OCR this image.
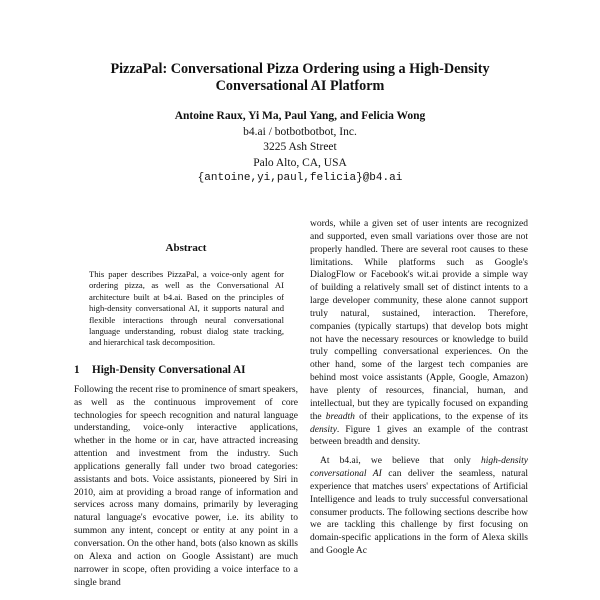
PizzaPal: Conversational Pizza Ordering using a High-Density
Conversational AI Platform
Antoine Raux, Yi Ma, Paul Yang, and Felicia Wong
b4.ai / botbotbotbot, Inc.
3225 Ash Street
Palo Alto, CA, USA
{antoine,yi,paul,felicia}@b4.ai
Abstract

This paper describes PizzaPal, a voice-only agent for ordering pizza, as well as the Conversational AI architecture built at b4.ai. Based on the principles of high-density conversational AI, it supports natural and flexible interactions through neural conversational language understanding, robust dialog state tracking, and hierarchical task decomposition.

1 High-Density Conversational AI

Following the recent rise to prominence of smart speakers, as well as the continuous improvement of core technologies for speech recognition and natural language understanding, voice-only interactive applications, whether in the home or in car, have attracted increasing attention and investment from the industry. Such applications generally fall under two broad categories: assistants and bots. Voice assistants, pioneered by Siri in 2010, aim at providing a broad range of information and services across many domains, primarily by leveraging natural language's evocative power, i.e. its ability to summon any intent, concept or entity at any point in a conversation. On the other hand, bots (also known as skills on Alexa and action on Google Assistant) are much narrower in scope, often providing a voice interface to a single brand

words, while a given set of user intents are recognized and supported, even small variations over those are not properly handled. There are several root causes to these limitations. While platforms such as Google's DialogFlow or Facebook's wit.ai provide a simple way of building a relatively small set of distinct intents to a large developer community, these alone cannot support truly natural, sustained, interaction. Therefore, companies (typically startups) that develop bots might not have the necessary resources or knowledge to build truly compelling conversational experiences. On the other hand, some of the largest tech companies are behind most voice assistants (Apple, Google, Amazon) have plenty of resources, financial, human, and intellectual, but they are typically focused on expanding the breadth of their applications, to the expense of its density. Figure 1 gives an example of the contrast between breadth and density.

At b4.ai, we believe that only high-density conversational AI can deliver the seamless, natural experience that matches users' expectations of Artificial Intelligence and leads to truly successful conversational consumer products. The following sections describe how we are tackling this challenge by first focusing on domain-specific applications in the form of Alexa skills and Google Ac
